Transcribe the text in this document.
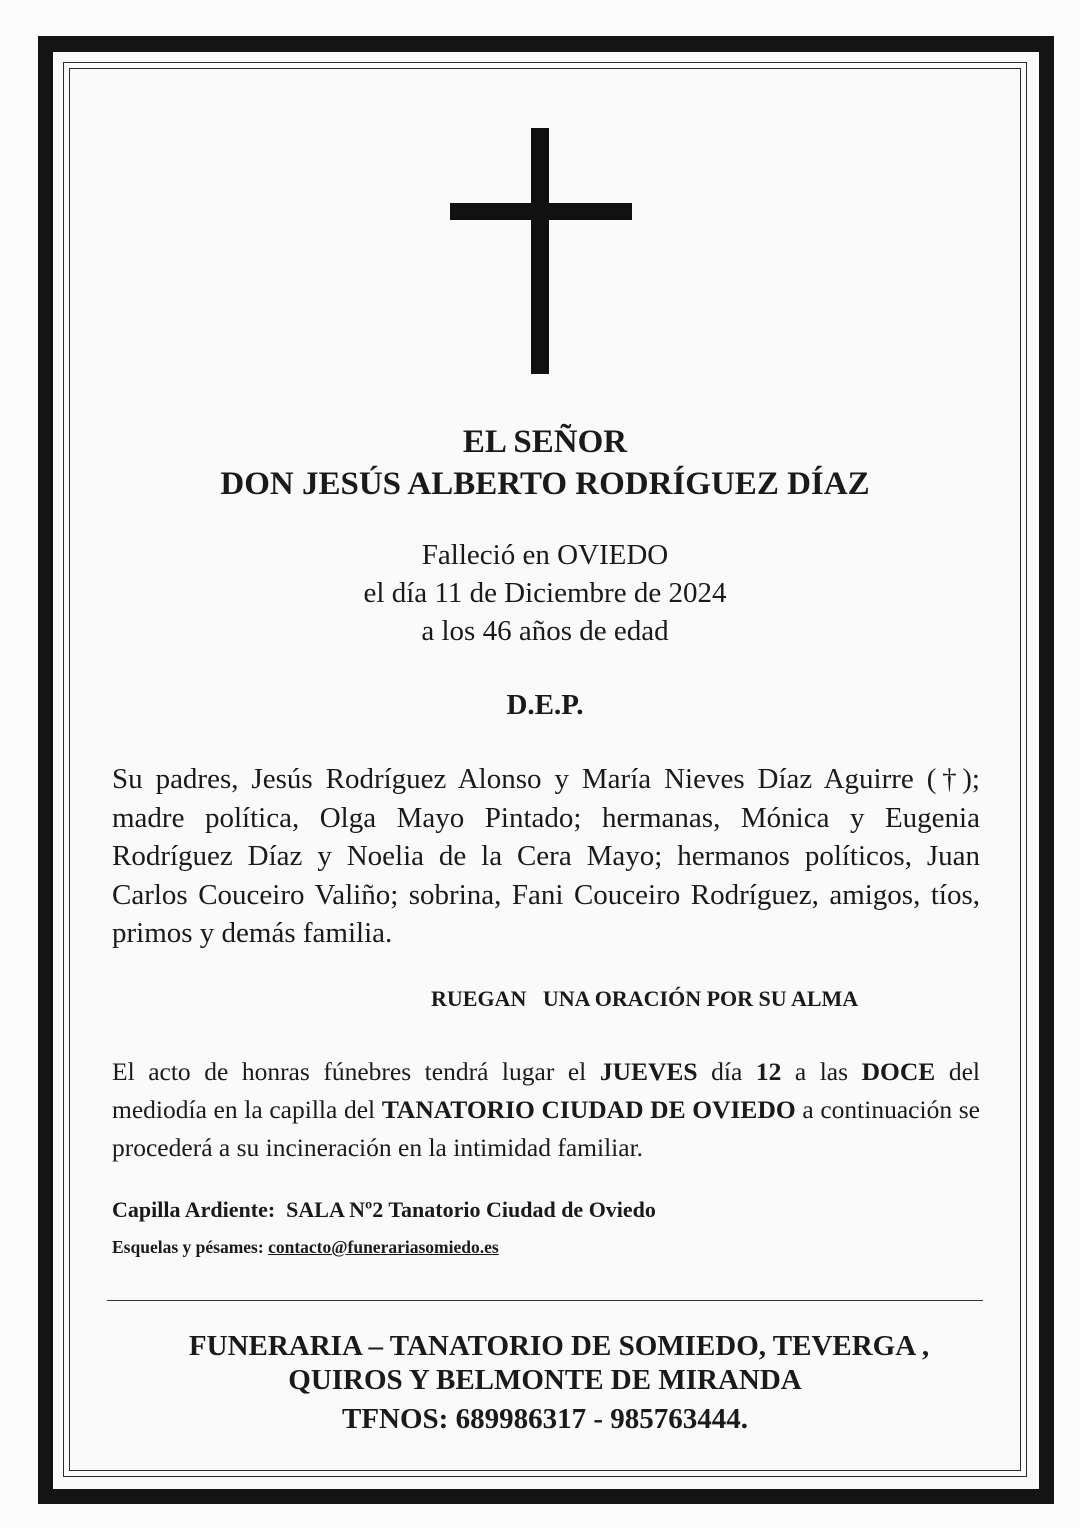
EL SEÑOR
DON JESÚS ALBERTO RODRÍGUEZ DÍAZ
Falleció en OVIEDO
el día 11 de Diciembre de 2024
a los 46 años de edad
D.E.P.

Su padres, Jesús Rodríguez Alonso y María Nieves Díaz Aguirre (†); madre política, Olga Mayo Pintado; hermanas, Mónica y Eugenia Rodríguez Díaz y Noelia de la Cera Mayo; hermanos políticos, Juan Carlos Couceiro Valiño; sobrina, Fani Couceiro Rodríguez, amigos, tíos, primos y demás familia.

RUEGAN   UNA ORACIÓN POR SU ALMA

El acto de honras fúnebres tendrá lugar el JUEVES día 12 a las DOCE del mediodía en la capilla del TANATORIO CIUDAD DE OVIEDO a continuación se procederá a su incineración en la intimidad familiar.

Capilla Ardiente: SALA Nº2 Tanatorio Ciudad de Oviedo
Esquelas y pésames: contacto@funerariasomiedo.es
FUNERARIA – TANATORIO DE SOMIEDO, TEVERGA ,
QUIROS Y BELMONTE DE MIRANDA
TFNOS: 689986317 - 985763444.
